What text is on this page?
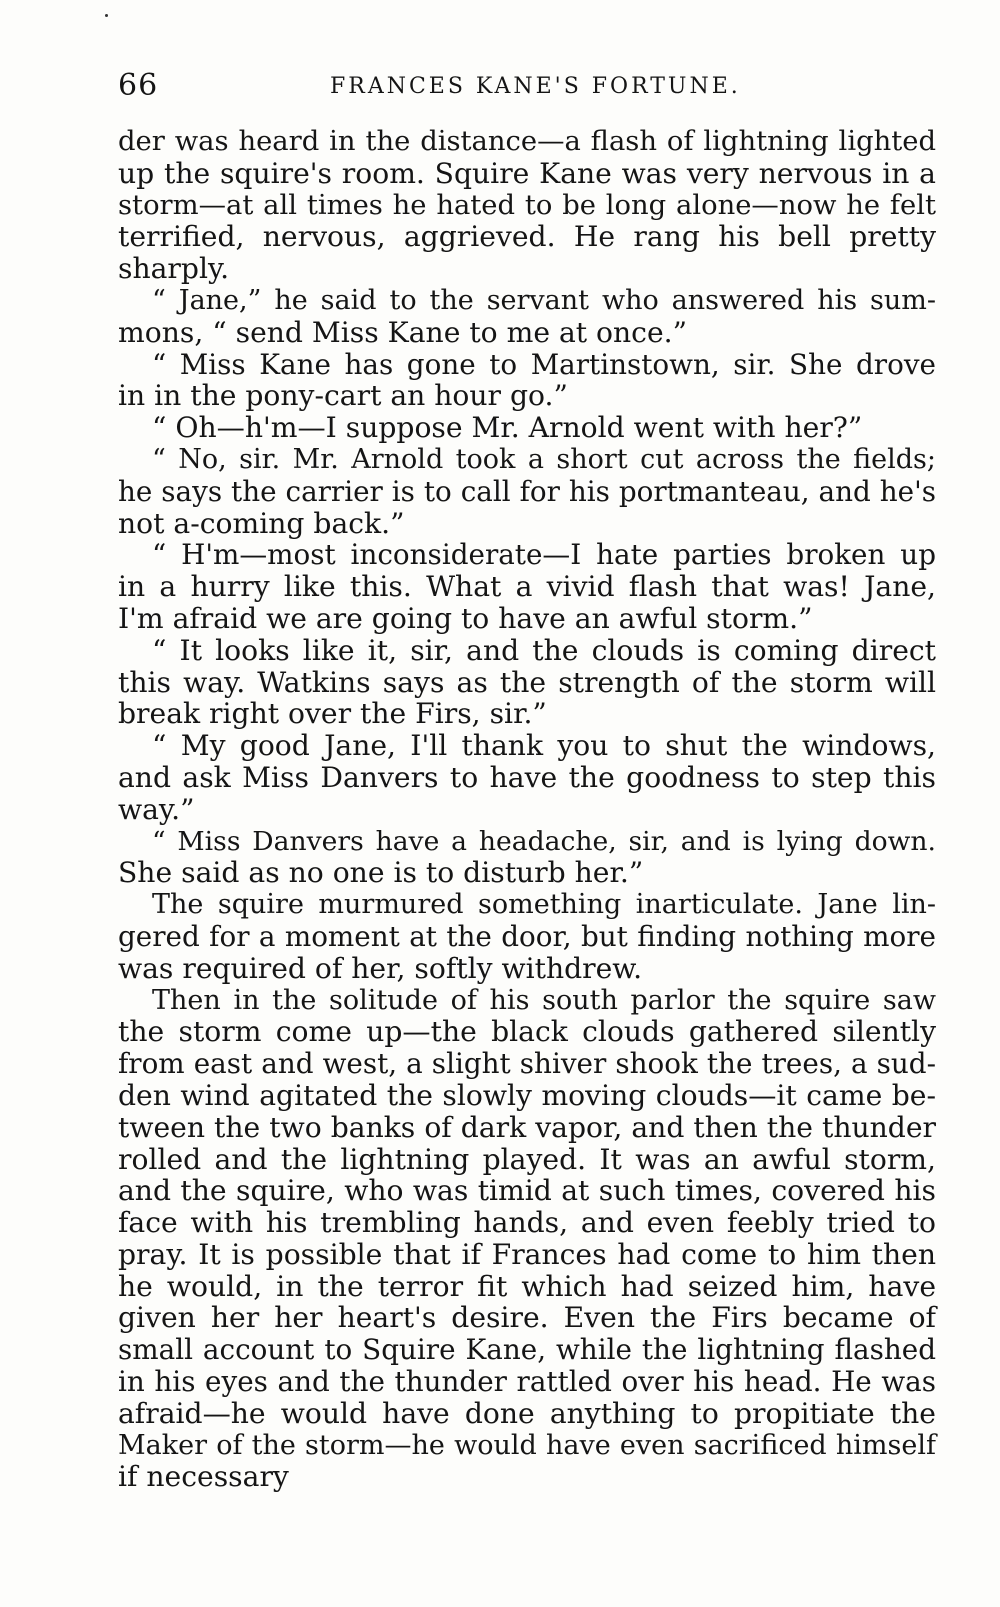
66	FRANCES KANE'S FORTUNE.
der was heard in the distance—a flash of lightning lighted
up the squire's room. Squire Kane was very nervous in a
storm—at all times he hated to be long alone—now he felt
terrified, nervous, aggrieved. He rang his bell pretty
sharply.
“ Jane,” he said to the servant who answered his sum-
mons, “ send Miss Kane to me at once.”
“ Miss Kane has gone to Martinstown, sir. She drove
in in the pony-cart an hour go.”
“ Oh—h'm—I suppose Mr. Arnold went with her?”
“ No, sir. Mr. Arnold took a short cut across the fields;
he says the carrier is to call for his portmanteau, and he's
not a-coming back.”
“ H'm—most inconsiderate—I hate parties broken up
in a hurry like this. What a vivid flash that was! Jane,
I'm afraid we are going to have an awful storm.”
“ It looks like it, sir, and the clouds is coming direct
this way. Watkins says as the strength of the storm will
break right over the Firs, sir.”
“ My good Jane, I'll thank you to shut the windows,
and ask Miss Danvers to have the goodness to step this
way.”
“ Miss Danvers have a headache, sir, and is lying down.
She said as no one is to disturb her.”
The squire murmured something inarticulate. Jane lin-
gered for a moment at the door, but finding nothing more
was required of her, softly withdrew.
Then in the solitude of his south parlor the squire saw
the storm come up—the black clouds gathered silently
from east and west, a slight shiver shook the trees, a sud-
den wind agitated the slowly moving clouds—it came be-
tween the two banks of dark vapor, and then the thunder
rolled and the lightning played. It was an awful storm,
and the squire, who was timid at such times, covered his
face with his trembling hands, and even feebly tried to
pray. It is possible that if Frances had come to him then
he would, in the terror fit which had seized him, have
given her her heart's desire. Even the Firs became of
small account to Squire Kane, while the lightning flashed
in his eyes and the thunder rattled over his head. He was
afraid—he would have done anything to propitiate the
Maker of the storm—he would have even sacrificed himself
if necessary
